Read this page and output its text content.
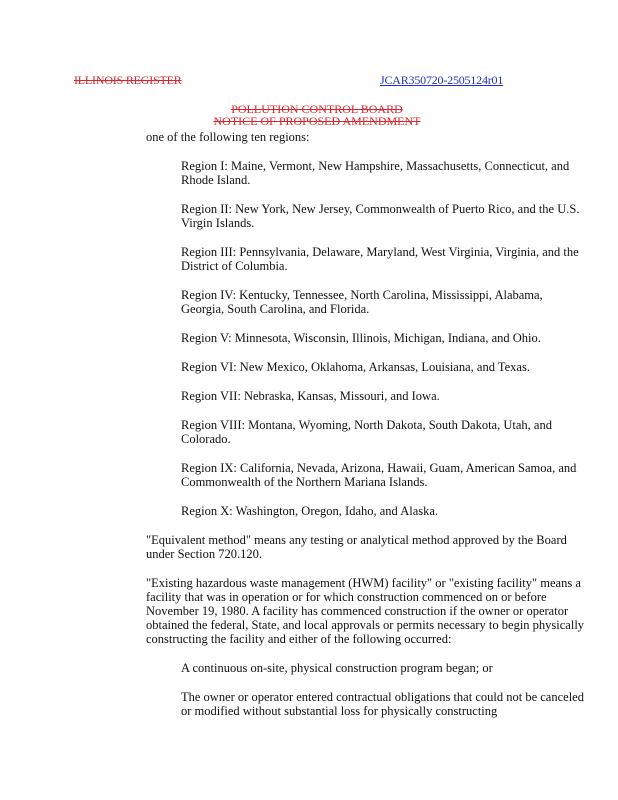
ILLINOIS REGISTER	JCAR350720-2505124r01
POLLUTION CONTROL BOARD
NOTICE OF PROPOSED AMENDMENT

one of the following ten regions:

Region I: Maine, Vermont, New Hampshire, Massachusetts, Connecticut, and Rhode Island.

Region II: New York, New Jersey, Commonwealth of Puerto Rico, and the U.S. Virgin Islands.

Region III: Pennsylvania, Delaware, Maryland, West Virginia, Virginia, and the District of Columbia.

Region IV: Kentucky, Tennessee, North Carolina, Mississippi, Alabama, Georgia, South Carolina, and Florida.

Region V: Minnesota, Wisconsin, Illinois, Michigan, Indiana, and Ohio.

Region VI: New Mexico, Oklahoma, Arkansas, Louisiana, and Texas.

Region VII: Nebraska, Kansas, Missouri, and Iowa.

Region VIII: Montana, Wyoming, North Dakota, South Dakota, Utah, and Colorado.

Region IX: California, Nevada, Arizona, Hawaii, Guam, American Samoa, and Commonwealth of the Northern Mariana Islands.

Region X: Washington, Oregon, Idaho, and Alaska.

"Equivalent method" means any testing or analytical method approved by the Board under Section 720.120.

"Existing hazardous waste management (HWM) facility" or "existing facility" means a facility that was in operation or for which construction commenced on or before November 19, 1980. A facility has commenced construction if the owner or operator obtained the federal, State, and local approvals or permits necessary to begin physically constructing the facility and either of the following occurred:

A continuous on-site, physical construction program began; or

The owner or operator entered contractual obligations that could not be canceled or modified without substantial loss for physically constructing
